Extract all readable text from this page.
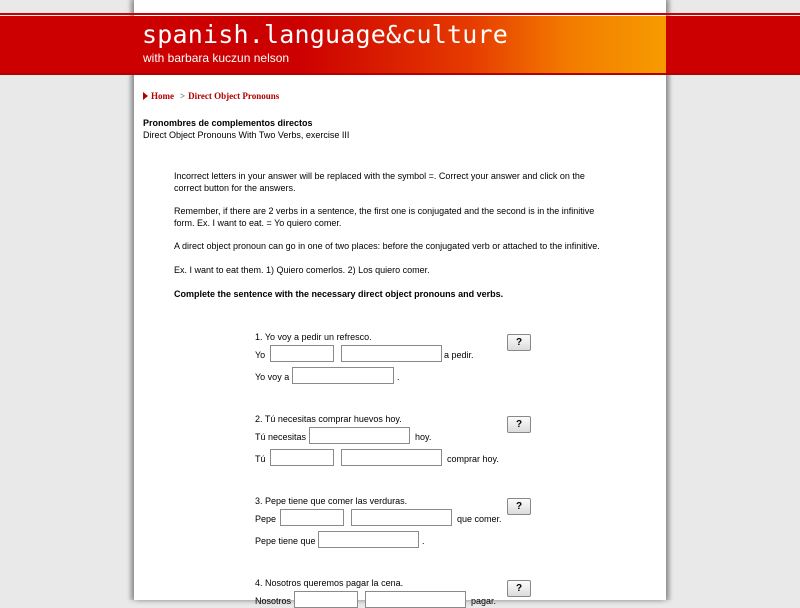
spanish.language&culture
with barbara kuczun nelson
Home > Direct Object Pronouns
Pronombres de complementos directos
Direct Object Pronouns With Two Verbs, exercise III
Incorrect letters in your answer will be replaced with the symbol =. Correct your answer and click on the correct button for the answers.
Remember, if there are 2 verbs in a sentence, the first one is conjugated and the second is in the infinitive form. Ex. I want to eat. = Yo quiero comer.
A direct object pronoun can go in one of two places: before the conjugated verb or attached to the infinitive.
Ex. I want to eat them. 1) Quiero comerlos. 2) Los quiero comer.
Complete the sentence with the necessary direct object pronouns and verbs.
1. Yo voy a pedir un refresco.	?
Yo	a pedir.
Yo voy a	.
2. Tú necesitas comprar huevos hoy.	?
Tú necesitas	hoy.
Tú	comprar hoy.
3. Pepe tiene que comer las verduras.	?
Pepe	que comer.
Pepe tiene que	.
4. Nosotros queremos pagar la cena.	?
Nosotros	pagar.
